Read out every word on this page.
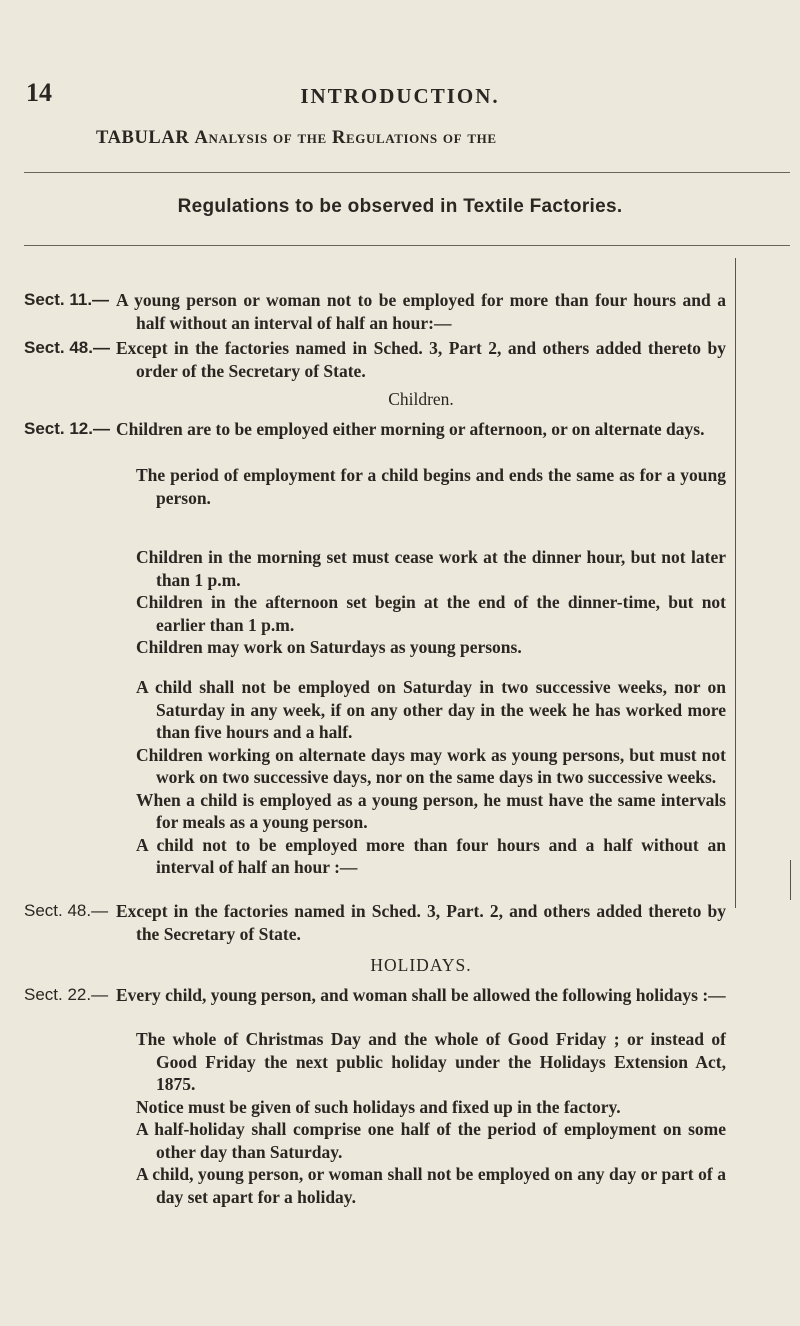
14	INTRODUCTION.
TABULAR Analysis of the Regulations of the
Regulations to be observed in Textile Factories.
Sect. 11.— A young person or woman not to be employed for more than four hours and a half without an interval of half an hour:—

Sect. 48.— Except in the factories named in Sched. 3, Part 2, and others added thereto by order of the Secretary of State.

Children.
Sect. 12.— Children are to be employed either morning or afternoon, or on alternate days.

The period of employment for a child begins and ends the same as for a young person.

Children in the morning set must cease work at the dinner hour, but not later than 1 p.m.

Children in the afternoon set begin at the end of the dinner-time, but not earlier than 1 p.m.

Children may work on Saturdays as young persons.

A child shall not be employed on Saturday in two successive weeks, nor on Saturday in any week, if on any other day in the week he has worked more than five hours and a half.

Children working on alternate days may work as young persons, but must not work on two successive days, nor on the same days in two successive weeks.

When a child is employed as a young person, he must have the same intervals for meals as a young person.

A child not to be employed more than four hours and a half without an interval of half an hour :—

Sect. 48.— Except in the factories named in Sched. 3, Part. 2, and others added thereto by the Secretary of State.

HOLIDAYS.
Sect. 22.— Every child, young person, and woman shall be allowed the following holidays :—

The whole of Christmas Day and the whole of Good Friday ; or instead of Good Friday the next public holiday under the Holidays Extension Act, 1875.

Notice must be given of such holidays and fixed up in the factory.

A half-holiday shall comprise one half of the period of employment on some other day than Saturday.

A child, young person, or woman shall not be employed on any day or part of a day set apart for a holiday.
